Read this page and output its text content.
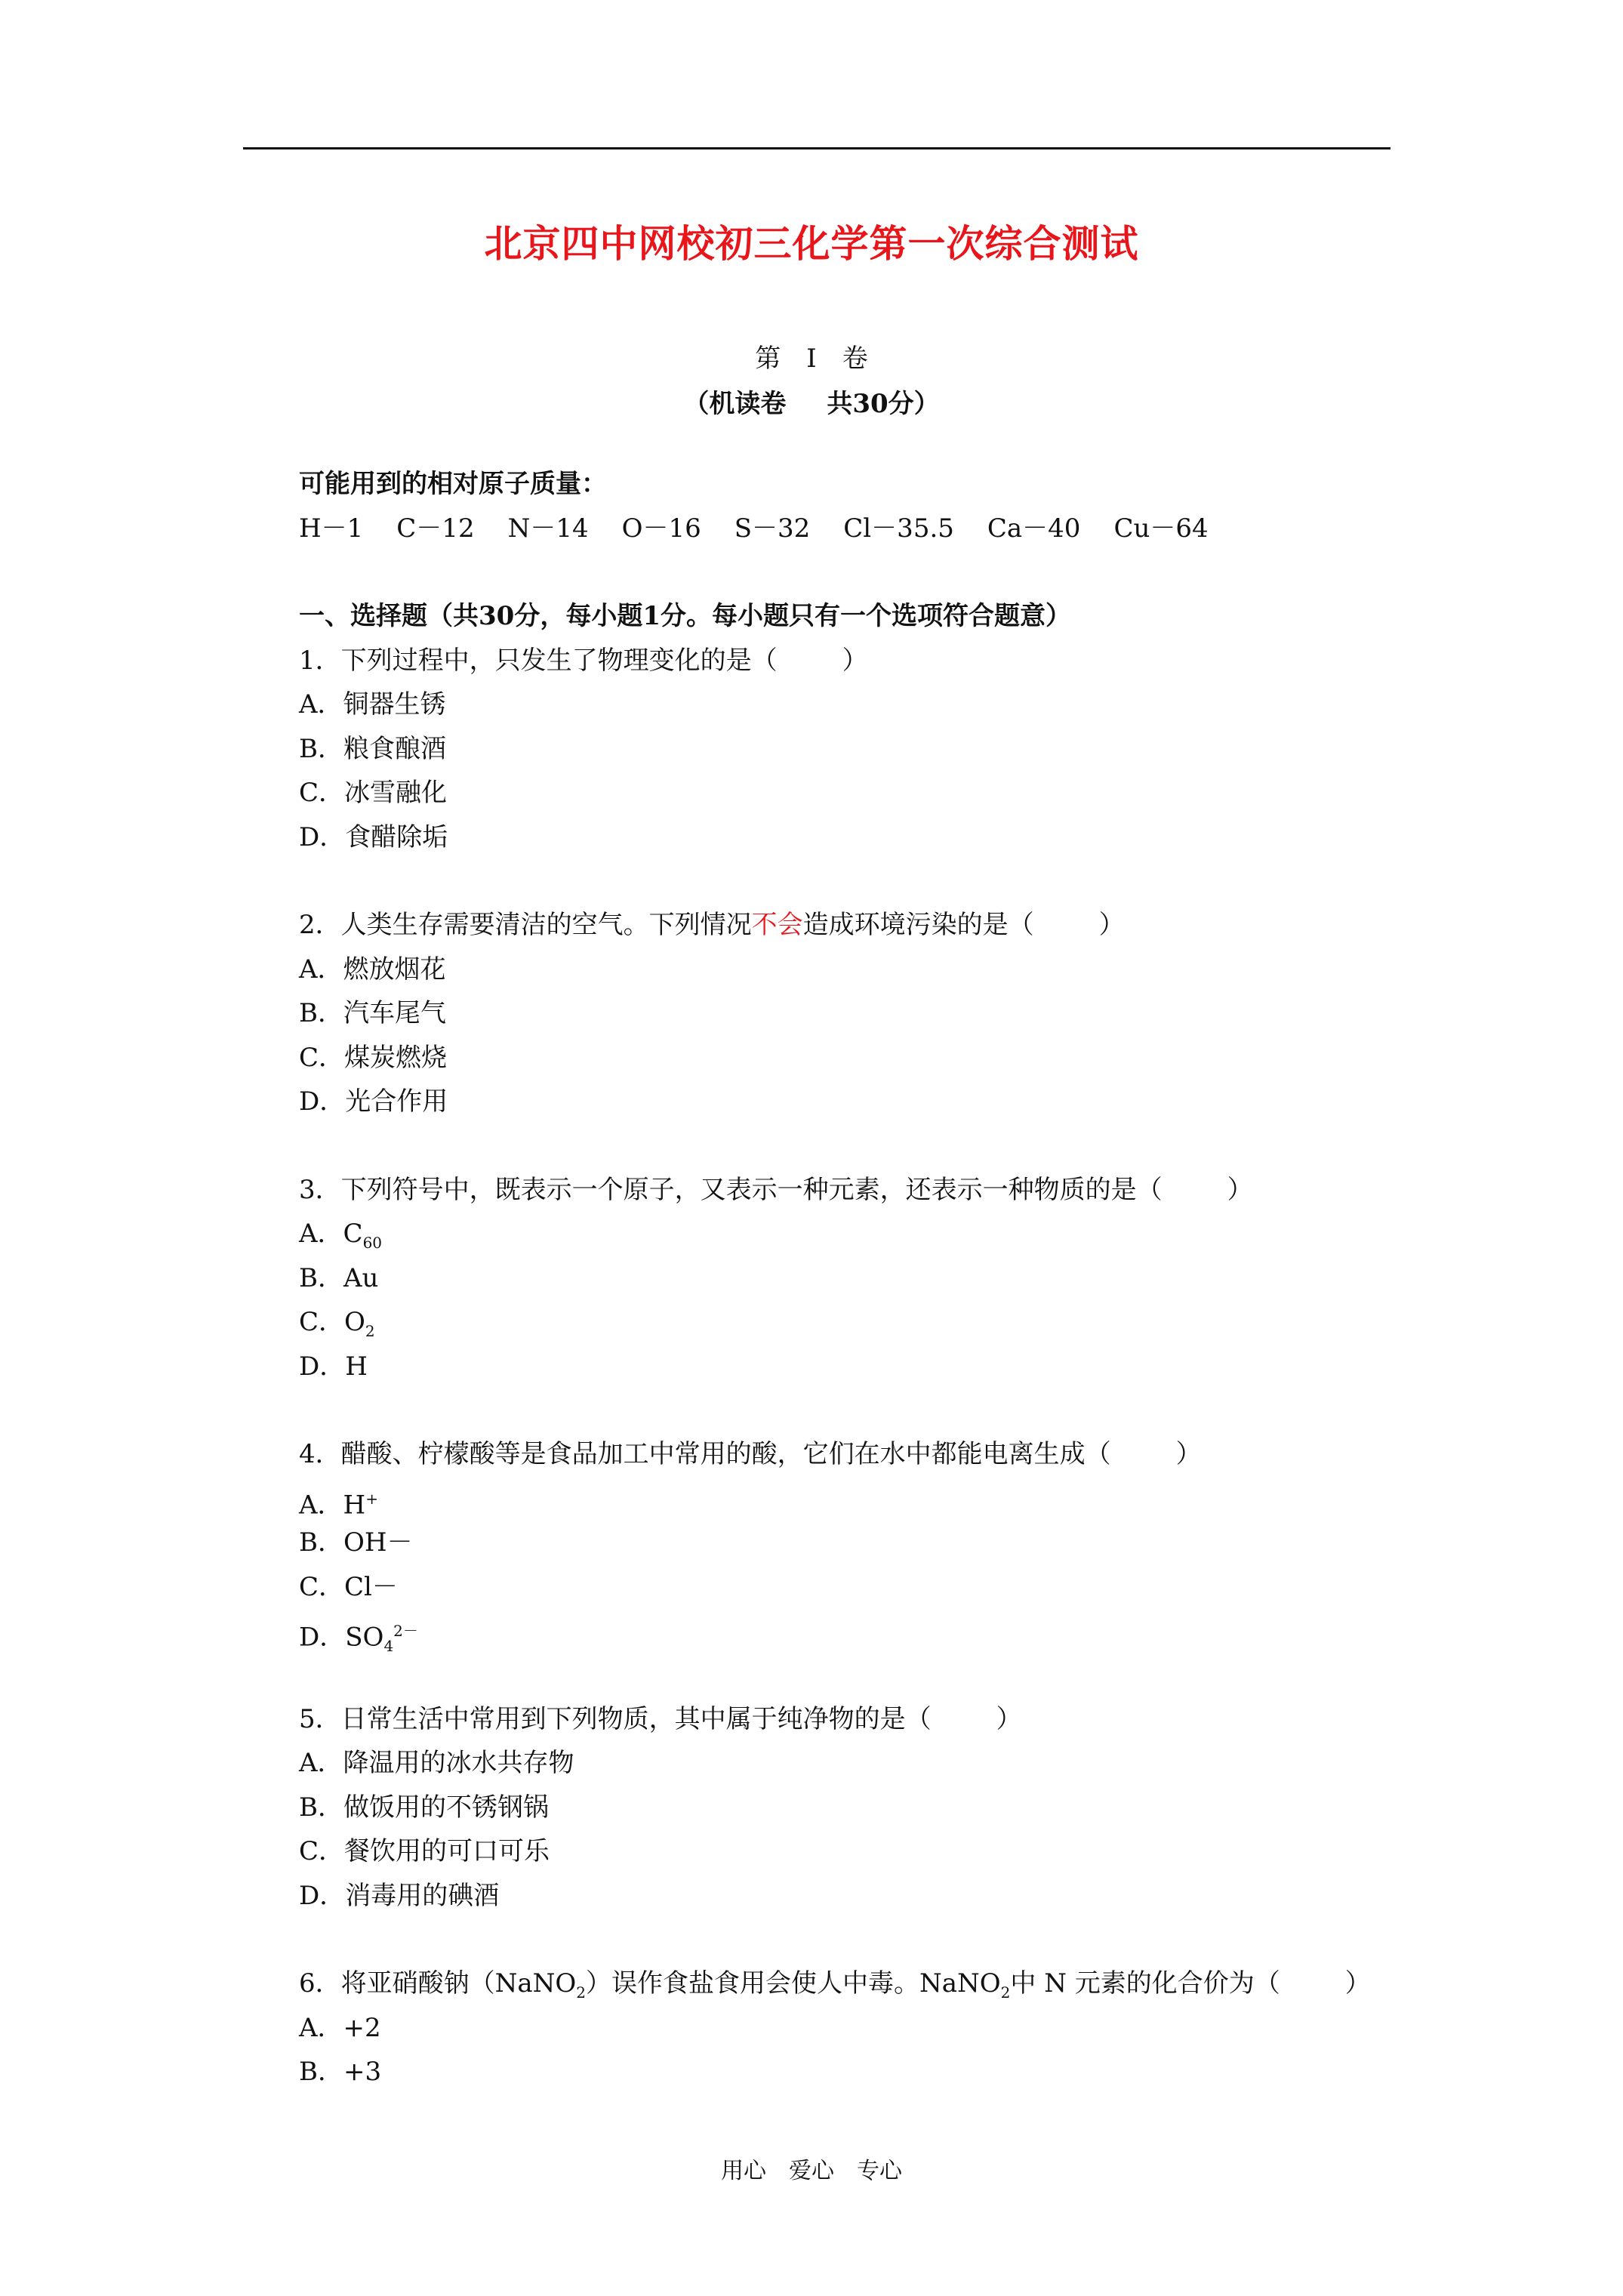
北京四中网校初三化学第一次综合测试
第　Ⅰ　卷
（机读卷 共30分）
可能用到的相对原子质量：
H－1 C－12 N－14 O－16 S－32 Cl－35.5 Ca－40 Cu－64
一、选择题（共30分，每小题1分。每小题只有一个选项符合题意）
1．下列过程中，只发生了物理变化的是（	）
A．铜器生锈
B．粮食酿酒
C．冰雪融化
D．食醋除垢
2．人类生存需要清洁的空气。下列情况不会造成环境污染的是（	）
A．燃放烟花
B．汽车尾气
C．煤炭燃烧
D．光合作用
3．下列符号中，既表示一个原子，又表示一种元素，还表示一种物质的是（	）
A．$C_{60}$
B．Au
C．$O_2$
D．H
4．醋酸、柠檬酸等是食品加工中常用的酸，它们在水中都能电离生成（	）
A．H+
B．OH－
C．Cl－
D．$SO_4^{2-}$
5．日常生活中常用到下列物质，其中属于纯净物的是（	）
A．降温用的冰水共存物
B．做饭用的不锈钢锅
C．餐饮用的可口可乐
D．消毒用的碘酒
6．将亚硝酸钠（NaNO$_2$）误作食盐食用会使人中毒。NaNO$_2$中 N 元素的化合价为（	）
A．+2
B．+3
用心　爱心　专心
